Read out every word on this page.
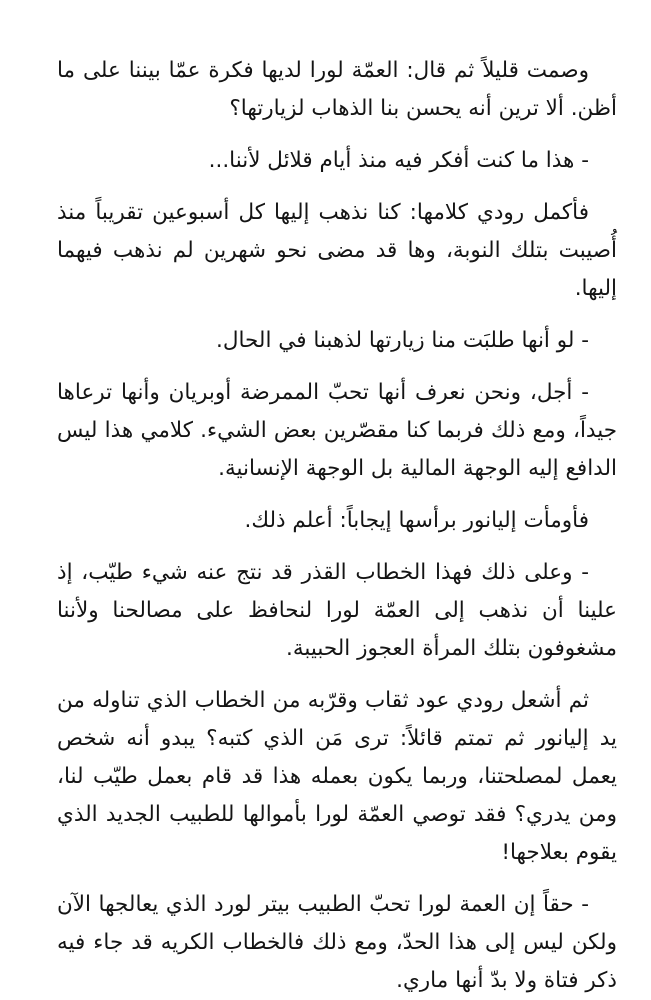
وصمت قليلاً ثم قال: العمّة لورا لديها فكرة عمّا بيننا على ما أظن. ألا ترين أنه يحسن بنا الذهاب لزيارتها؟

- هذا ما كنت أفكر فيه منذ أيام قلائل لأننا...

فأكمل رودي كلامها: كنا نذهب إليها كل أسبوعين تقريباً منذ أُصيبت بتلك النوبة، وها قد مضى نحو شهرين لم نذهب فيهما إليها.

- لو أنها طلبَت منا زيارتها لذهبنا في الحال.

- أجل، ونحن نعرف أنها تحبّ الممرضة أوبريان وأنها ترعاها جيداً، ومع ذلك فربما كنا مقصّرين بعض الشيء. كلامي هذا ليس الدافع إليه الوجهة المالية بل الوجهة الإنسانية.

فأومأت إليانور برأسها إيجاباً: أعلم ذلك.

- وعلى ذلك فهذا الخطاب القذر قد نتج عنه شيء طيّب، إذ علينا أن نذهب إلى العمّة لورا لنحافظ على مصالحنا ولأننا مشغوفون بتلك المرأة العجوز الحبيبة.

ثم أشعل رودي عود ثقاب وقرّبه من الخطاب الذي تناوله من يد إليانور ثم تمتم قائلاً: ترى مَن الذي كتبه؟ يبدو أنه شخص يعمل لمصلحتنا، وربما يكون بعمله هذا قد قام بعمل طيّب لنا، ومن يدري؟ فقد توصي العمّة لورا بأموالها للطبيب الجديد الذي يقوم بعلاجها!

- حقاً إن العمة لورا تحبّ الطبيب بيتر لورد الذي يعالجها الآن ولكن ليس إلى هذا الحدّ، ومع ذلك فالخطاب الكريه قد جاء فيه ذكر فتاة ولا بدّ أنها ماري.
